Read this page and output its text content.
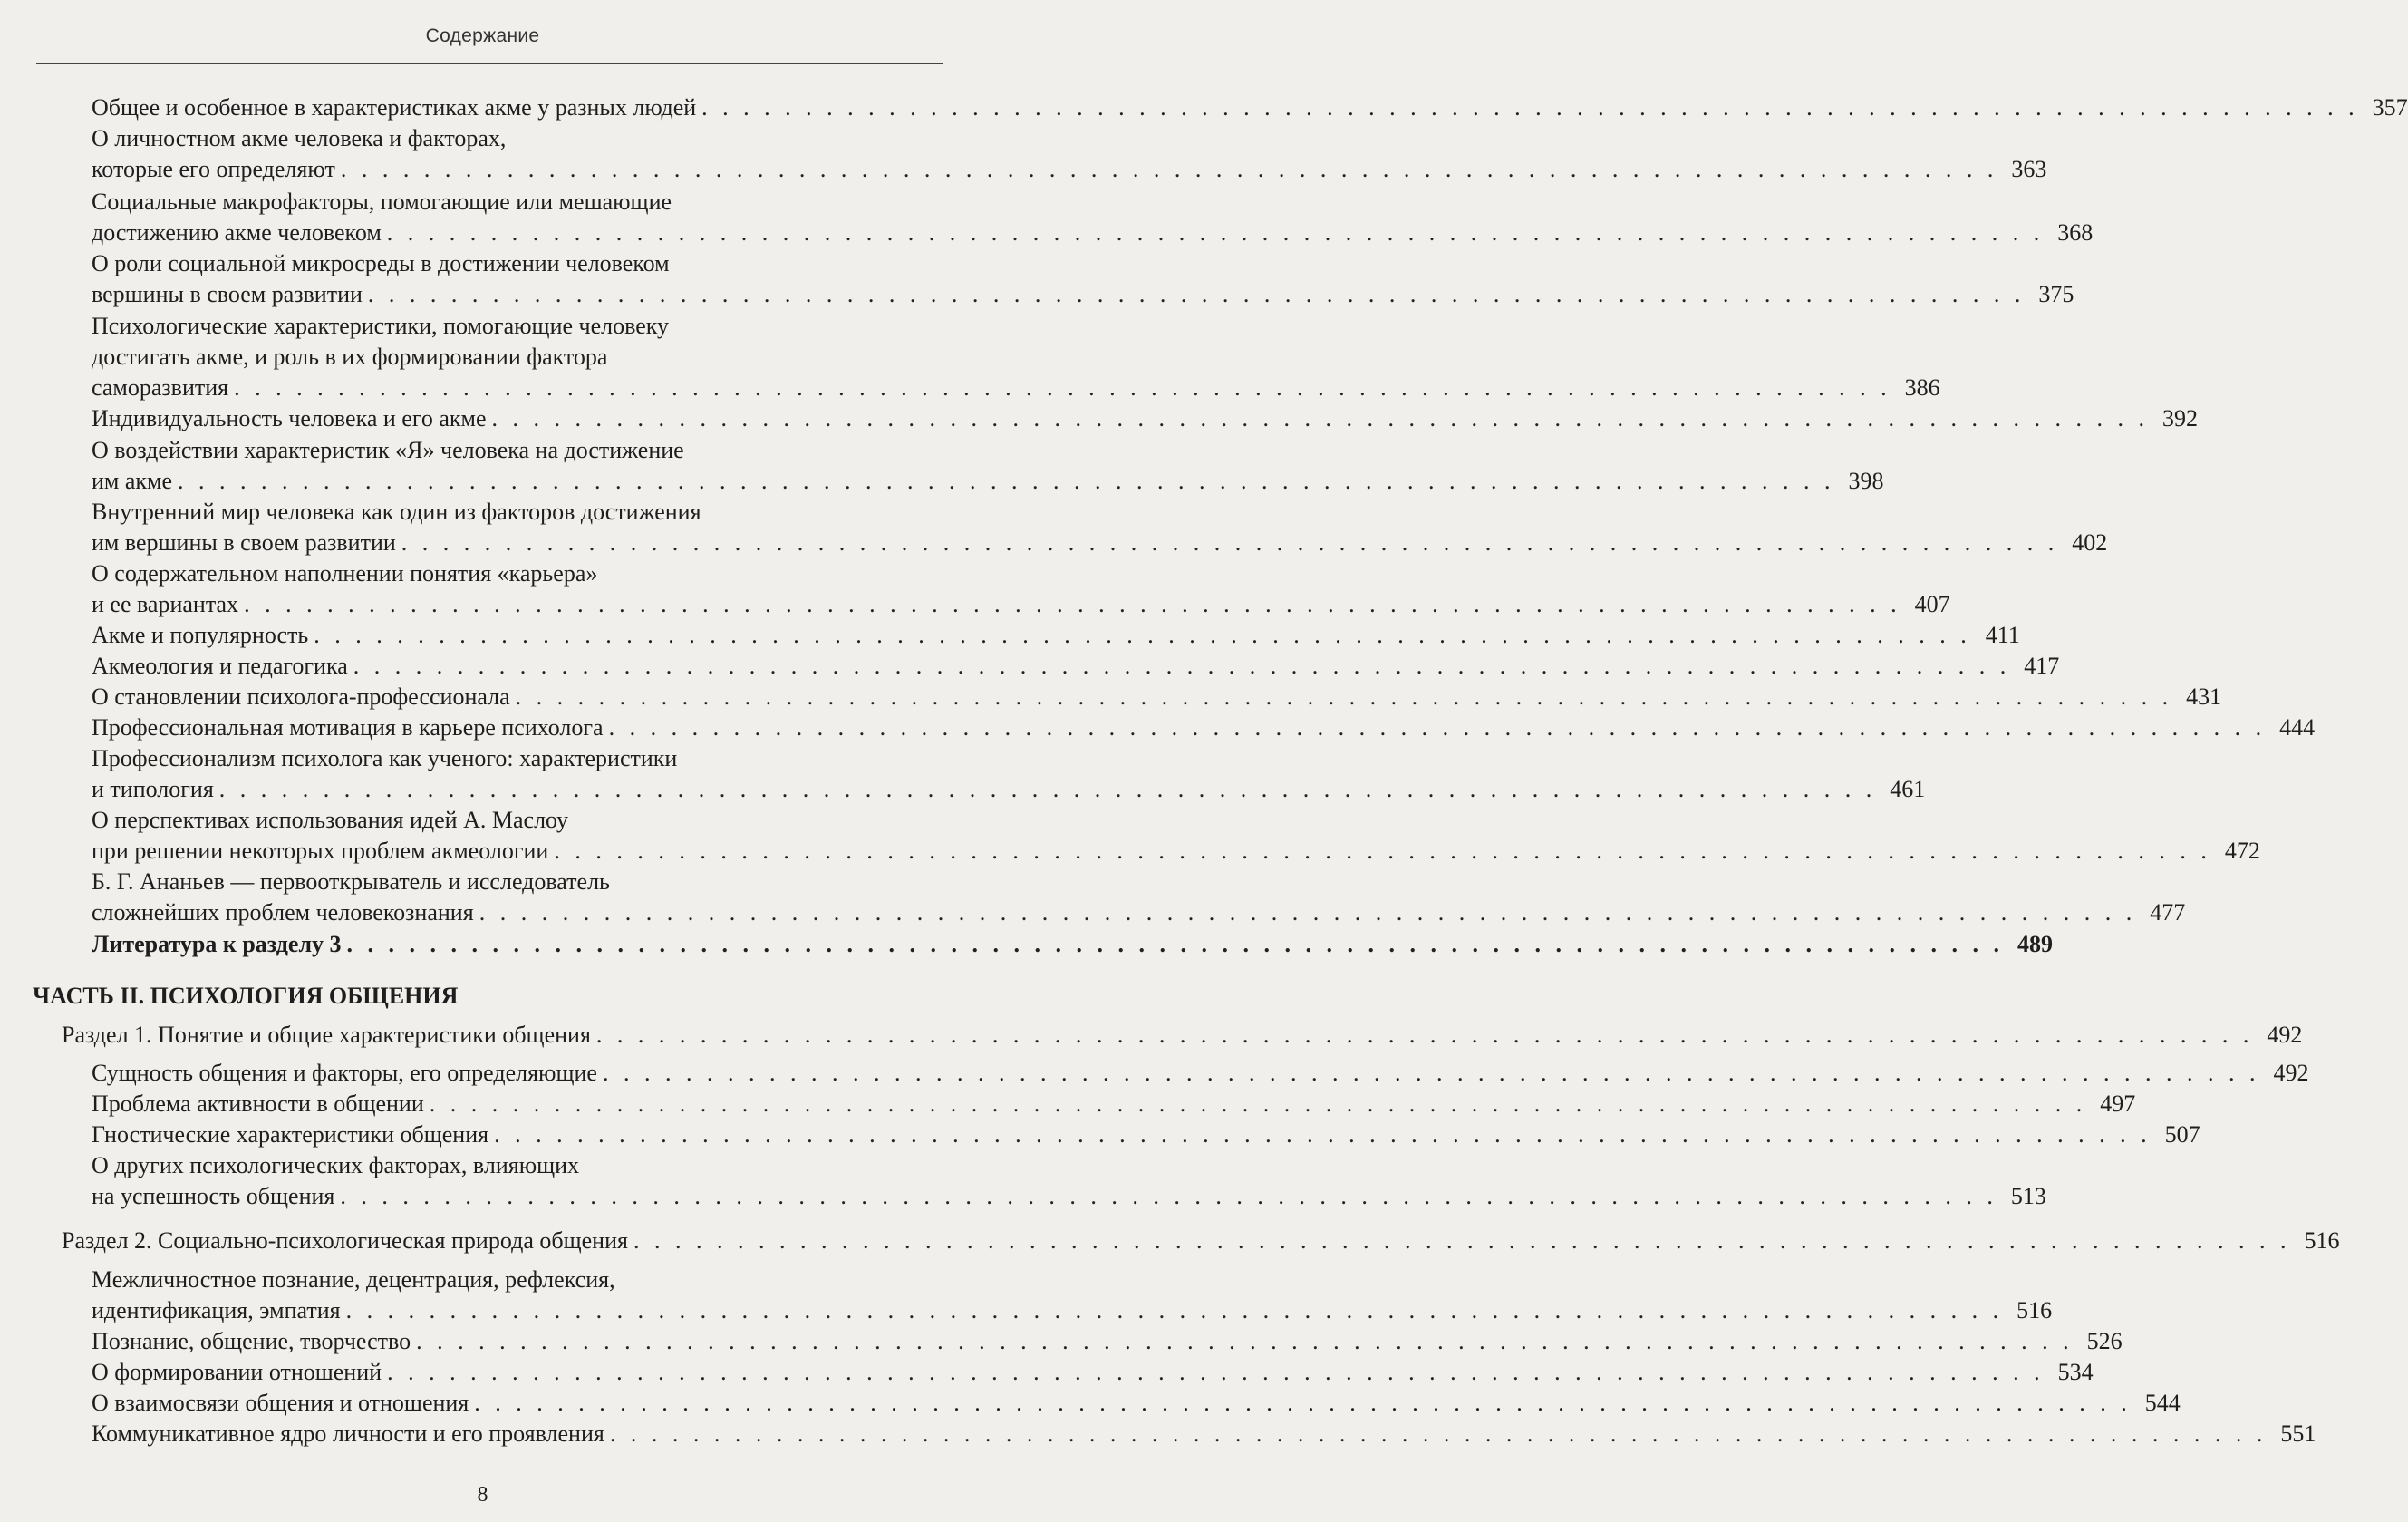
Содержание
Общее и особенное в характеристиках акме у разных людей . . . . . . . . . . . . . . . . . . . . . . . . . . . . . . . . . . . . . . . . . . . . . . . . . . . . . . . . . . . . . . . . . . . . . . . . . . . . . . . . 357
О личностном акме человека и факторах,
которые его определяют . . . . . . . . . . . . . . . . . . . . . . . . . . . . . . . . . . . . . . . . . . . . . . . . . . . . . . . . . . . . . . . . . . . . . . . . . . . . . . . . 363
Социальные макрофакторы, помогающие или мешающие
достижению акме человеком . . . . . . . . . . . . . . . . . . . . . . . . . . . . . . . . . . . . . . . . . . . . . . . . . . . . . . . . . . . . . . . . . . . . . . . . . . . . . . . . 368
О роли социальной микросреды в достижении человеком
вершины в своем развитии . . . . . . . . . . . . . . . . . . . . . . . . . . . . . . . . . . . . . . . . . . . . . . . . . . . . . . . . . . . . . . . . . . . . . . . . . . . . . . . . 375
Психологические характеристики, помогающие человеку
достигать акме, и роль в их формировании фактора
саморазвития . . . . . . . . . . . . . . . . . . . . . . . . . . . . . . . . . . . . . . . . . . . . . . . . . . . . . . . . . . . . . . . . . . . . . . . . . . . . . . . . 386
Индивидуальность человека и его акме . . . . . . . . . . . . . . . . . . . . . . . . . . . . . . . . . . . . . . . . . . . . . . . . . . . . . . . . . . . . . . . . . . . . . . . . . . . . . . . . 392
О воздействии характеристик «Я» человека на достижение
им акме . . . . . . . . . . . . . . . . . . . . . . . . . . . . . . . . . . . . . . . . . . . . . . . . . . . . . . . . . . . . . . . . . . . . . . . . . . . . . . . . 398
Внутренний мир человека как один из факторов достижения
им вершины в своем развитии . . . . . . . . . . . . . . . . . . . . . . . . . . . . . . . . . . . . . . . . . . . . . . . . . . . . . . . . . . . . . . . . . . . . . . . . . . . . . . . . 402
О содержательном наполнении понятия «карьера»
и ее вариантах . . . . . . . . . . . . . . . . . . . . . . . . . . . . . . . . . . . . . . . . . . . . . . . . . . . . . . . . . . . . . . . . . . . . . . . . . . . . . . . . 407
Акме и популярность . . . . . . . . . . . . . . . . . . . . . . . . . . . . . . . . . . . . . . . . . . . . . . . . . . . . . . . . . . . . . . . . . . . . . . . . . . . . . . . . 411
Акмеология и педагогика . . . . . . . . . . . . . . . . . . . . . . . . . . . . . . . . . . . . . . . . . . . . . . . . . . . . . . . . . . . . . . . . . . . . . . . . . . . . . . . . 417
О становлении психолога-профессионала . . . . . . . . . . . . . . . . . . . . . . . . . . . . . . . . . . . . . . . . . . . . . . . . . . . . . . . . . . . . . . . . . . . . . . . . . . . . . . . . 431
Профессиональная мотивация в карьере психолога . . . . . . . . . . . . . . . . . . . . . . . . . . . . . . . . . . . . . . . . . . . . . . . . . . . . . . . . . . . . . . . . . . . . . . . . . . . . . . . . 444
Профессионализм психолога как ученого: характеристики
и типология . . . . . . . . . . . . . . . . . . . . . . . . . . . . . . . . . . . . . . . . . . . . . . . . . . . . . . . . . . . . . . . . . . . . . . . . . . . . . . . . 461
О перспективах использования идей А. Маслоу
при решении некоторых проблем акмеологии . . . . . . . . . . . . . . . . . . . . . . . . . . . . . . . . . . . . . . . . . . . . . . . . . . . . . . . . . . . . . . . . . . . . . . . . . . . . . . . . 472
Б. Г. Ананьев — первооткрыватель и исследователь
сложнейших проблем человекознания . . . . . . . . . . . . . . . . . . . . . . . . . . . . . . . . . . . . . . . . . . . . . . . . . . . . . . . . . . . . . . . . . . . . . . . . . . . . . . . . 477
Литература к разделу 3 . . . . . . . . . . . . . . . . . . . . . . . . . . . . . . . . . . . . . . . . . . . . . . . . . . . . . . . . . . . . . . . . . . . . . . . . . . . . . . . . 489
ЧАСТЬ II. ПСИХОЛОГИЯ ОБЩЕНИЯ
Раздел 1. Понятие и общие характеристики общения . . . . . . . . . . . . . . . . . . . . . . . . . . . . . . . . . . . . . . . . . . . . . . . . . . . . . . . . . . . . . . . . . . . . . . . . . . . . . . . . 492
Сущность общения и факторы, его определяющие . . . . . . . . . . . . . . . . . . . . . . . . . . . . . . . . . . . . . . . . . . . . . . . . . . . . . . . . . . . . . . . . . . . . . . . . . . . . . . . . 492
Проблема активности в общении . . . . . . . . . . . . . . . . . . . . . . . . . . . . . . . . . . . . . . . . . . . . . . . . . . . . . . . . . . . . . . . . . . . . . . . . . . . . . . . . 497
Гностические характеристики общения . . . . . . . . . . . . . . . . . . . . . . . . . . . . . . . . . . . . . . . . . . . . . . . . . . . . . . . . . . . . . . . . . . . . . . . . . . . . . . . . 507
О других психологических факторах, влияющих
на успешность общения . . . . . . . . . . . . . . . . . . . . . . . . . . . . . . . . . . . . . . . . . . . . . . . . . . . . . . . . . . . . . . . . . . . . . . . . . . . . . . . . 513
Раздел 2. Социально-психологическая природа общения . . . . . . . . . . . . . . . . . . . . . . . . . . . . . . . . . . . . . . . . . . . . . . . . . . . . . . . . . . . . . . . . . . . . . . . . . . . . . . . . 516
Межличностное познание, децентрация, рефлексия,
идентификация, эмпатия . . . . . . . . . . . . . . . . . . . . . . . . . . . . . . . . . . . . . . . . . . . . . . . . . . . . . . . . . . . . . . . . . . . . . . . . . . . . . . . . 516
Познание, общение, творчество . . . . . . . . . . . . . . . . . . . . . . . . . . . . . . . . . . . . . . . . . . . . . . . . . . . . . . . . . . . . . . . . . . . . . . . . . . . . . . . . 526
О формировании отношений . . . . . . . . . . . . . . . . . . . . . . . . . . . . . . . . . . . . . . . . . . . . . . . . . . . . . . . . . . . . . . . . . . . . . . . . . . . . . . . . 534
О взаимосвязи общения и отношения . . . . . . . . . . . . . . . . . . . . . . . . . . . . . . . . . . . . . . . . . . . . . . . . . . . . . . . . . . . . . . . . . . . . . . . . . . . . . . . . 544
Коммуникативное ядро личности и его проявления . . . . . . . . . . . . . . . . . . . . . . . . . . . . . . . . . . . . . . . . . . . . . . . . . . . . . . . . . . . . . . . . . . . . . . . . . . . . . . . . 551
8
